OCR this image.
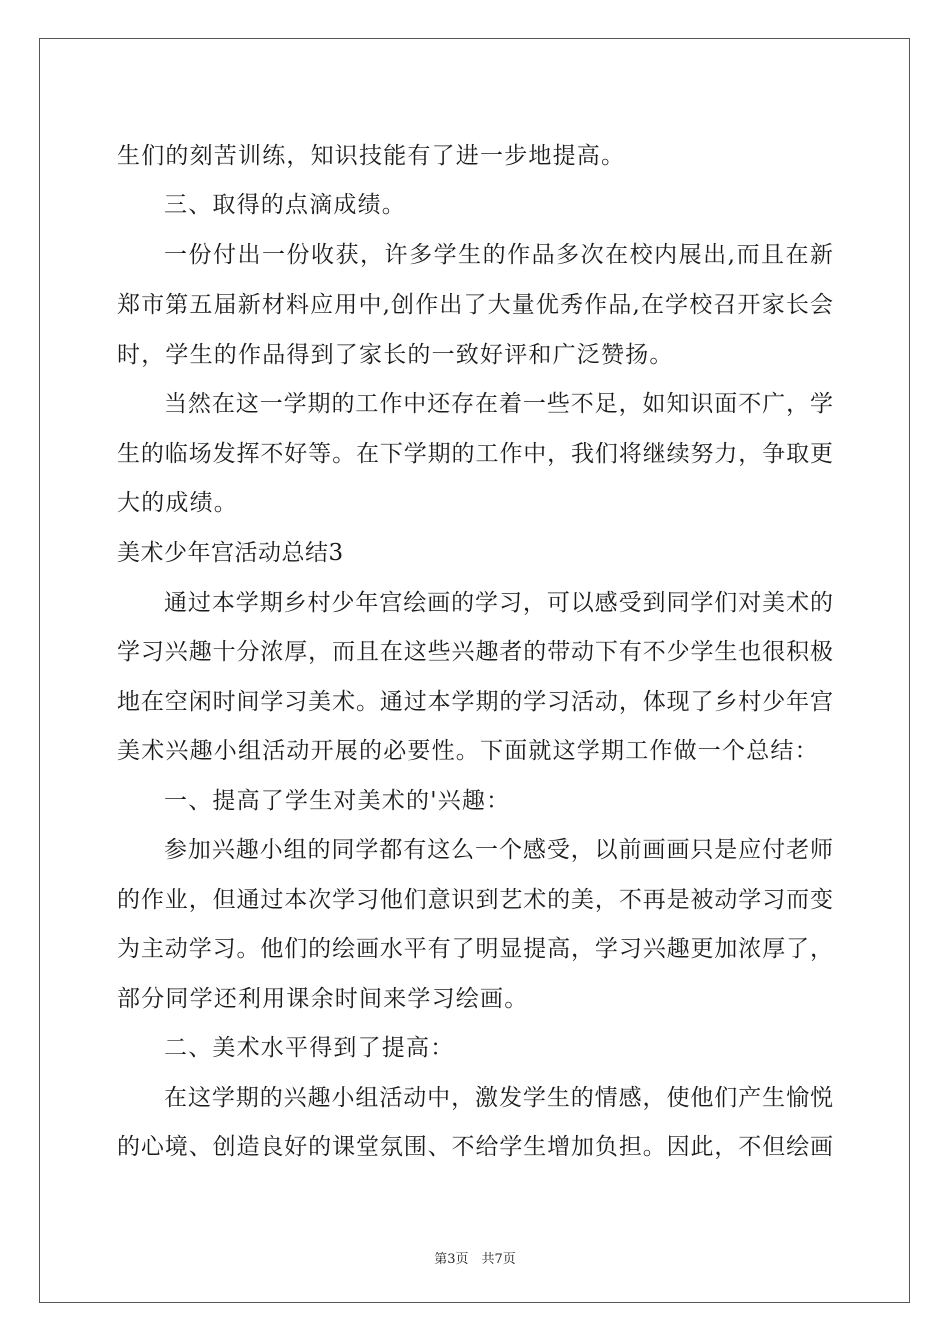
生们的刻苦训练，知识技能有了进一步地提高。
三、取得的点滴成绩。
一份付出一份收获，许多学生的作品多次在校内展出,而且在新
郑市第五届新材料应用中,创作出了大量优秀作品,在学校召开家长会
时，学生的作品得到了家长的一致好评和广泛赞扬。
当然在这一学期的工作中还存在着一些不足，如知识面不广，学
生的临场发挥不好等。在下学期的工作中，我们将继续努力，争取更
大的成绩。
美术少年宫活动总结3
通过本学期乡村少年宫绘画的学习，可以感受到同学们对美术的
学习兴趣十分浓厚，而且在这些兴趣者的带动下有不少学生也很积极
地在空闲时间学习美术。通过本学期的学习活动，体现了乡村少年宫
美术兴趣小组活动开展的必要性。下面就这学期工作做一个总结：
一、提高了学生对美术的'兴趣：
参加兴趣小组的同学都有这么一个感受，以前画画只是应付老师
的作业，但通过本次学习他们意识到艺术的美，不再是被动学习而变
为主动学习。他们的绘画水平有了明显提高，学习兴趣更加浓厚了，
部分同学还利用课余时间来学习绘画。
二、美术水平得到了提高：
在这学期的兴趣小组活动中，激发学生的情感，使他们产生愉悦
的心境、创造良好的课堂氛围、不给学生增加负担。因此，不但绘画
第3页　共7页
